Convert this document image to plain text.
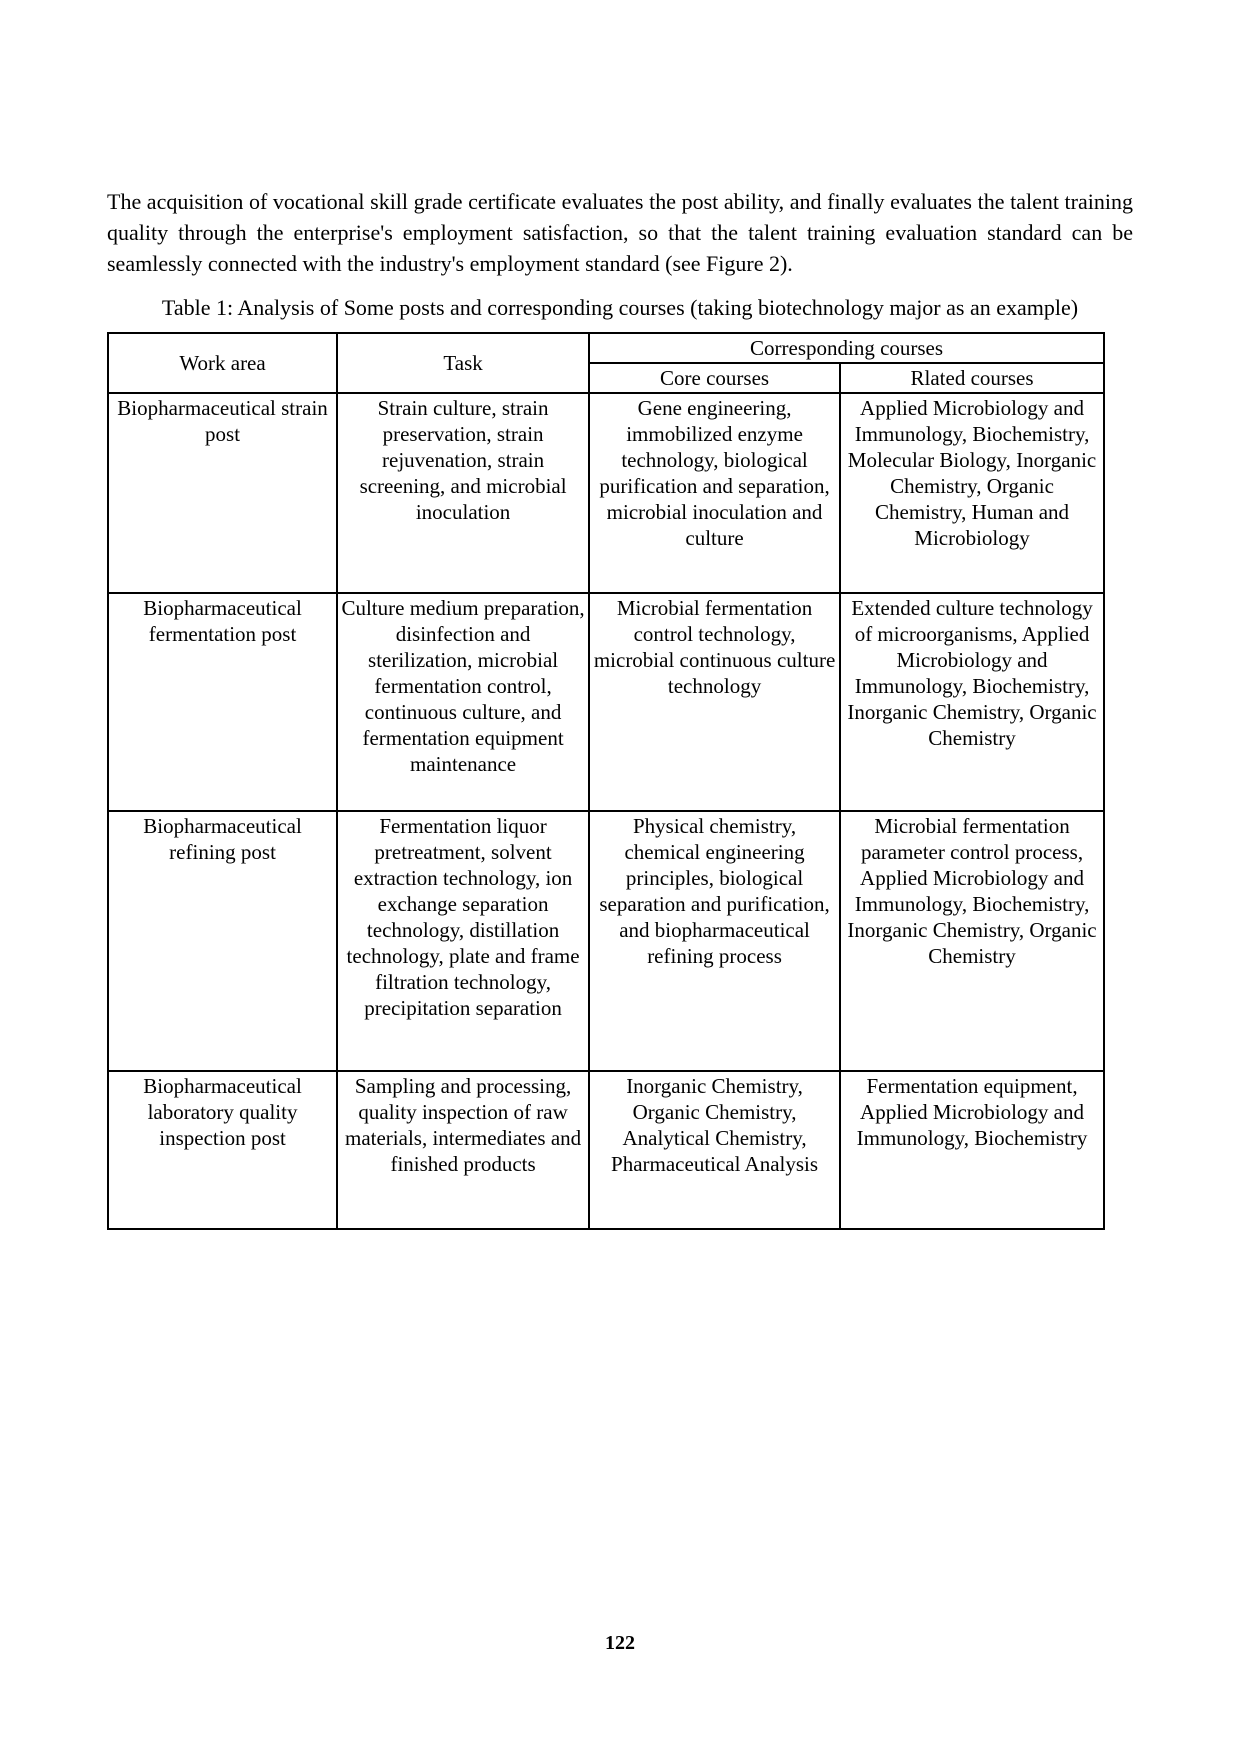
The acquisition of vocational skill grade certificate evaluates the post ability, and finally evaluates the talent training quality through the enterprise's employment satisfaction, so that the talent training evaluation standard can be seamlessly connected with the industry's employment standard (see Figure 2).

Table 1: Analysis of Some posts and corresponding courses (taking biotechnology major as an example)

Work area	Task	Corresponding courses	
		Core courses	Rlated courses
Biopharmaceutical strain post	Strain culture, strain preservation, strain rejuvenation, strain screening, and microbial inoculation	Gene engineering, immobilized enzyme technology, biological purification and separation, microbial inoculation and culture	Applied Microbiology and Immunology, Biochemistry, Molecular Biology, Inorganic Chemistry, Organic Chemistry, Human and Microbiology
Biopharmaceutical fermentation post	Culture medium preparation, disinfection and sterilization, microbial fermentation control, continuous culture, and fermentation equipment maintenance	Microbial fermentation control technology, microbial continuous culture technology	Extended culture technology of microorganisms, Applied Microbiology and Immunology, Biochemistry, Inorganic Chemistry, Organic Chemistry
Biopharmaceutical refining post	Fermentation liquor pretreatment, solvent extraction technology, ion exchange separation technology, distillation technology, plate and frame filtration technology, precipitation separation	Physical chemistry, chemical engineering principles, biological separation and purification, and biopharmaceutical refining process	Microbial fermentation parameter control process, Applied Microbiology and Immunology, Biochemistry, Inorganic Chemistry, Organic Chemistry
Biopharmaceutical laboratory quality inspection post	Sampling and processing, quality inspection of raw materials, intermediates and finished products	Inorganic Chemistry, Organic Chemistry, Analytical Chemistry, Pharmaceutical Analysis	Fermentation equipment, Applied Microbiology and Immunology, Biochemistry
122
